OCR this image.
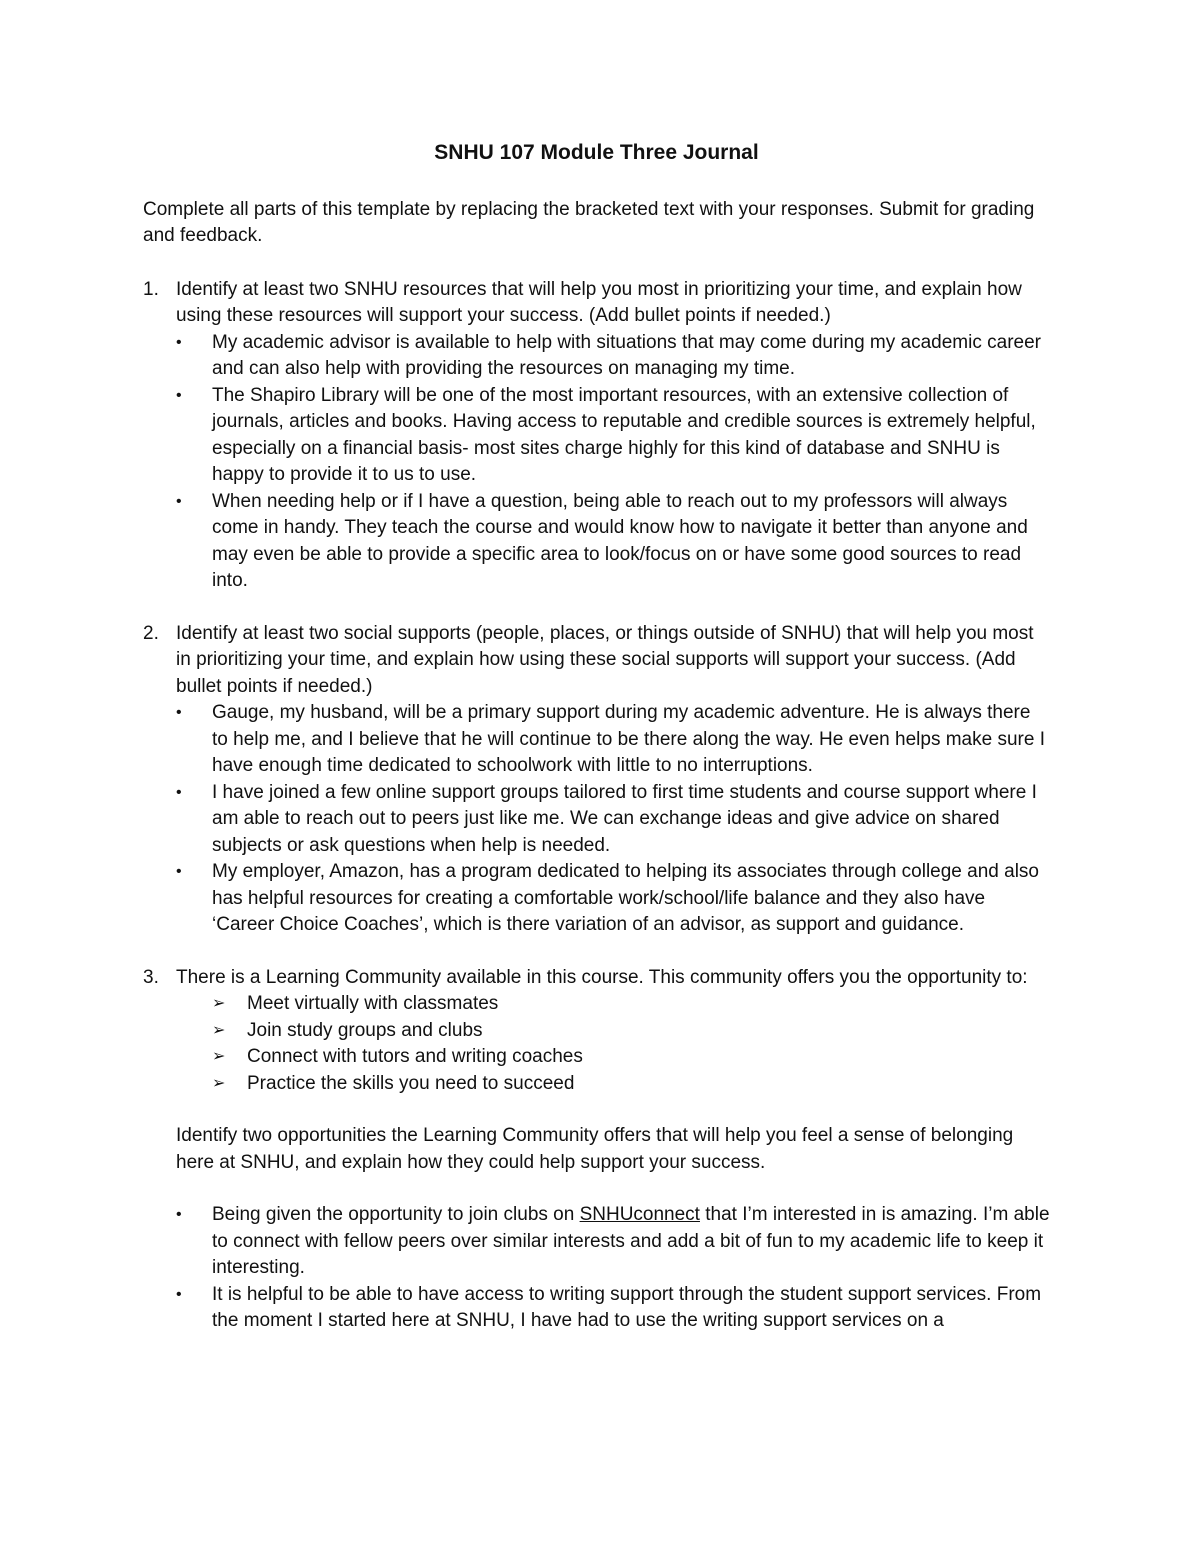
SNHU 107 Module Three Journal

Complete all parts of this template by replacing the bracketed text with your responses. Submit for grading and feedback.

1. Identify at least two SNHU resources that will help you most in prioritizing your time, and explain how using these resources will support your success. (Add bullet points if needed.)
• My academic advisor is available to help with situations that may come during my academic career and can also help with providing the resources on managing my time.
• The Shapiro Library will be one of the most important resources, with an extensive collection of journals, articles and books. Having access to reputable and credible sources is extremely helpful, especially on a financial basis- most sites charge highly for this kind of database and SNHU is happy to provide it to us to use.
• When needing help or if I have a question, being able to reach out to my professors will always come in handy. They teach the course and would know how to navigate it better than anyone and may even be able to provide a specific area to look/focus on or have some good sources to read into.
2. Identify at least two social supports (people, places, or things outside of SNHU) that will help you most in prioritizing your time, and explain how using these social supports will support your success. (Add bullet points if needed.)
• Gauge, my husband, will be a primary support during my academic adventure. He is always there to help me, and I believe that he will continue to be there along the way. He even helps make sure I have enough time dedicated to schoolwork with little to no interruptions.
• I have joined a few online support groups tailored to first time students and course support where I am able to reach out to peers just like me. We can exchange ideas and give advice on shared subjects or ask questions when help is needed.
• My employer, Amazon, has a program dedicated to helping its associates through college and also has helpful resources for creating a comfortable work/school/life balance and they also have ‘Career Choice Coaches’, which is there variation of an advisor, as support and guidance.
3. There is a Learning Community available in this course. This community offers you the opportunity to:
➢ Meet virtually with classmates
➢ Join study groups and clubs
➢ Connect with tutors and writing coaches
➢ Practice the skills you need to succeed
Identify two opportunities the Learning Community offers that will help you feel a sense of belonging here at SNHU, and explain how they could help support your success.
• Being given the opportunity to join clubs on SNHUconnect that I’m interested in is amazing. I’m able to connect with fellow peers over similar interests and add a bit of fun to my academic life to keep it interesting.
• It is helpful to be able to have access to writing support through the student support services. From the moment I started here at SNHU, I have had to use the writing support services on a
